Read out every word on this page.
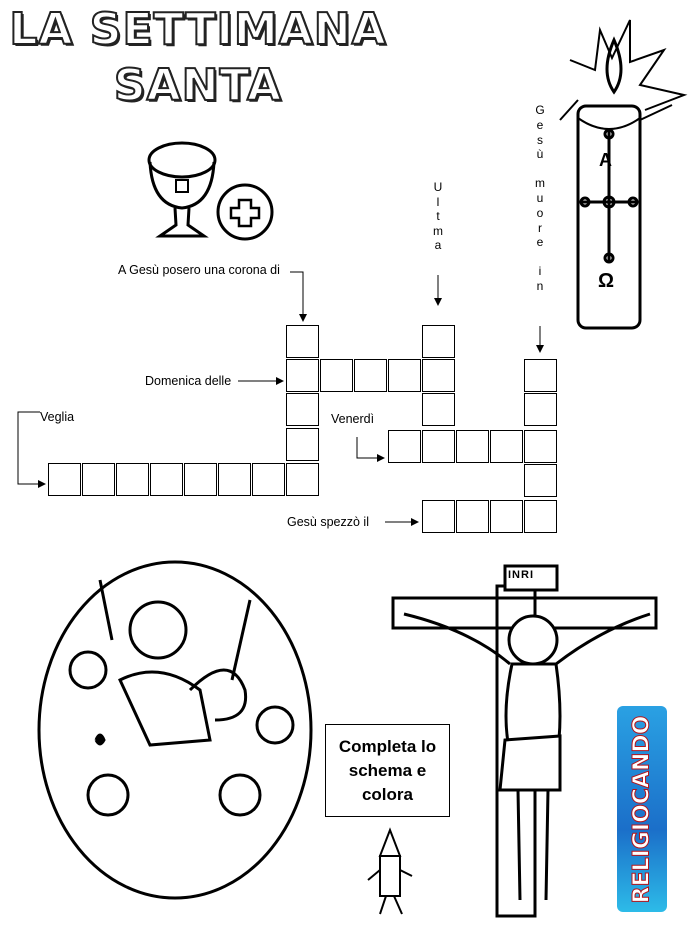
LA SETTIMANA
SANTA
A Gesù posero una corona di
Domenica delle
Veglia	Venerdì
Gesù spezzò il
U
l
t
m
a
G
e
s
ù
m
u
o
r
e
i
n
A
Ω
INRI
Completa lo
schema e
colora	RELIGIOCANDO
